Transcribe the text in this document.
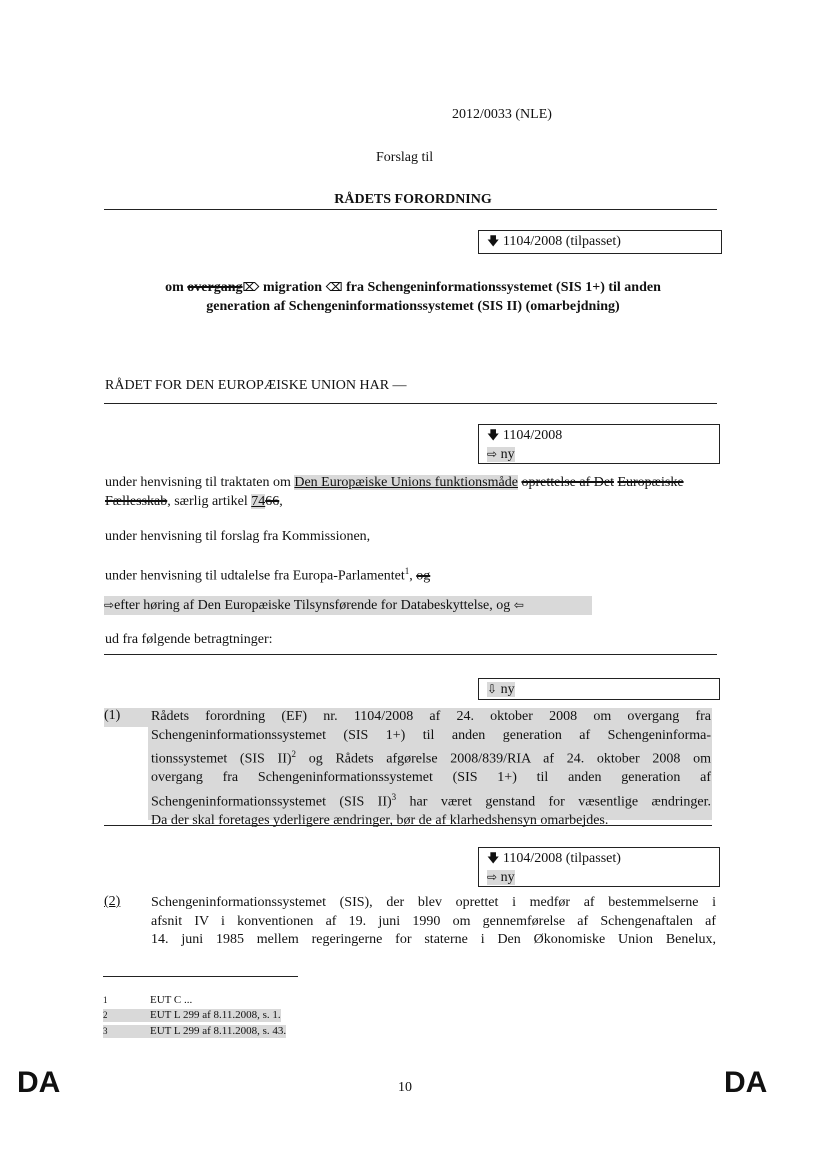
2012/0033 (NLE)
Forslag til
RÅDETS FORORDNING
🡇 1104/2008 (tilpasset)
om overgang⌦ migration ⌫ fra Schengeninformationssystemet (SIS 1+) til anden
generation af Schengeninformationssystemet (SIS II) (omarbejdning)
RÅDET FOR DEN EUROPÆISKE UNION HAR —
🡇 1104/2008
⇨ ny
under henvisning til traktaten om Den Europæiske Unions funktionsmåde oprettelse af Det Europæiske Fællesskab, særlig artikel 7466,
under henvisning til forslag fra Kommissionen,
under henvisning til udtalelse fra Europa-Parlamentet$^1$, og
⇨efter høring af Den Europæiske Tilsynsførende for Databeskyttelse, og ⇦
ud fra følgende betragtninger:
⇩ ny
(1)	Rådets forordning (EF) nr. 1104/2008 af 24. oktober 2008 om overgang fra
Schengeninformationssystemet (SIS 1+) til anden generation af Schengeninforma-
tionssystemet (SIS II)$^2$ og Rådets afgørelse 2008/839/RIA af 24. oktober 2008 om
overgang fra Schengeninformationssystemet (SIS 1+) til anden generation af
Schengeninformationssystemet (SIS II)$^3$ har været genstand for væsentlige ændringer.
Da der skal foretages yderligere ændringer, bør de af klarhedshensyn omarbejdes.
🡇 1104/2008 (tilpasset)
⇨ ny
(2) Schengeninformationssystemet (SIS), der blev oprettet i medfør af bestemmelserne i
afsnit IV i konventionen af 19. juni 1990 om gennemførelse af Schengenaftalen af
14. juni 1985 mellem regeringerne for staterne i Den Økonomiske Union Benelux,
1	EUT C ...
2	EUT L 299 af 8.11.2008, s. 1.
3	EUT L 299 af 8.11.2008, s. 43.
DA	10	DA
